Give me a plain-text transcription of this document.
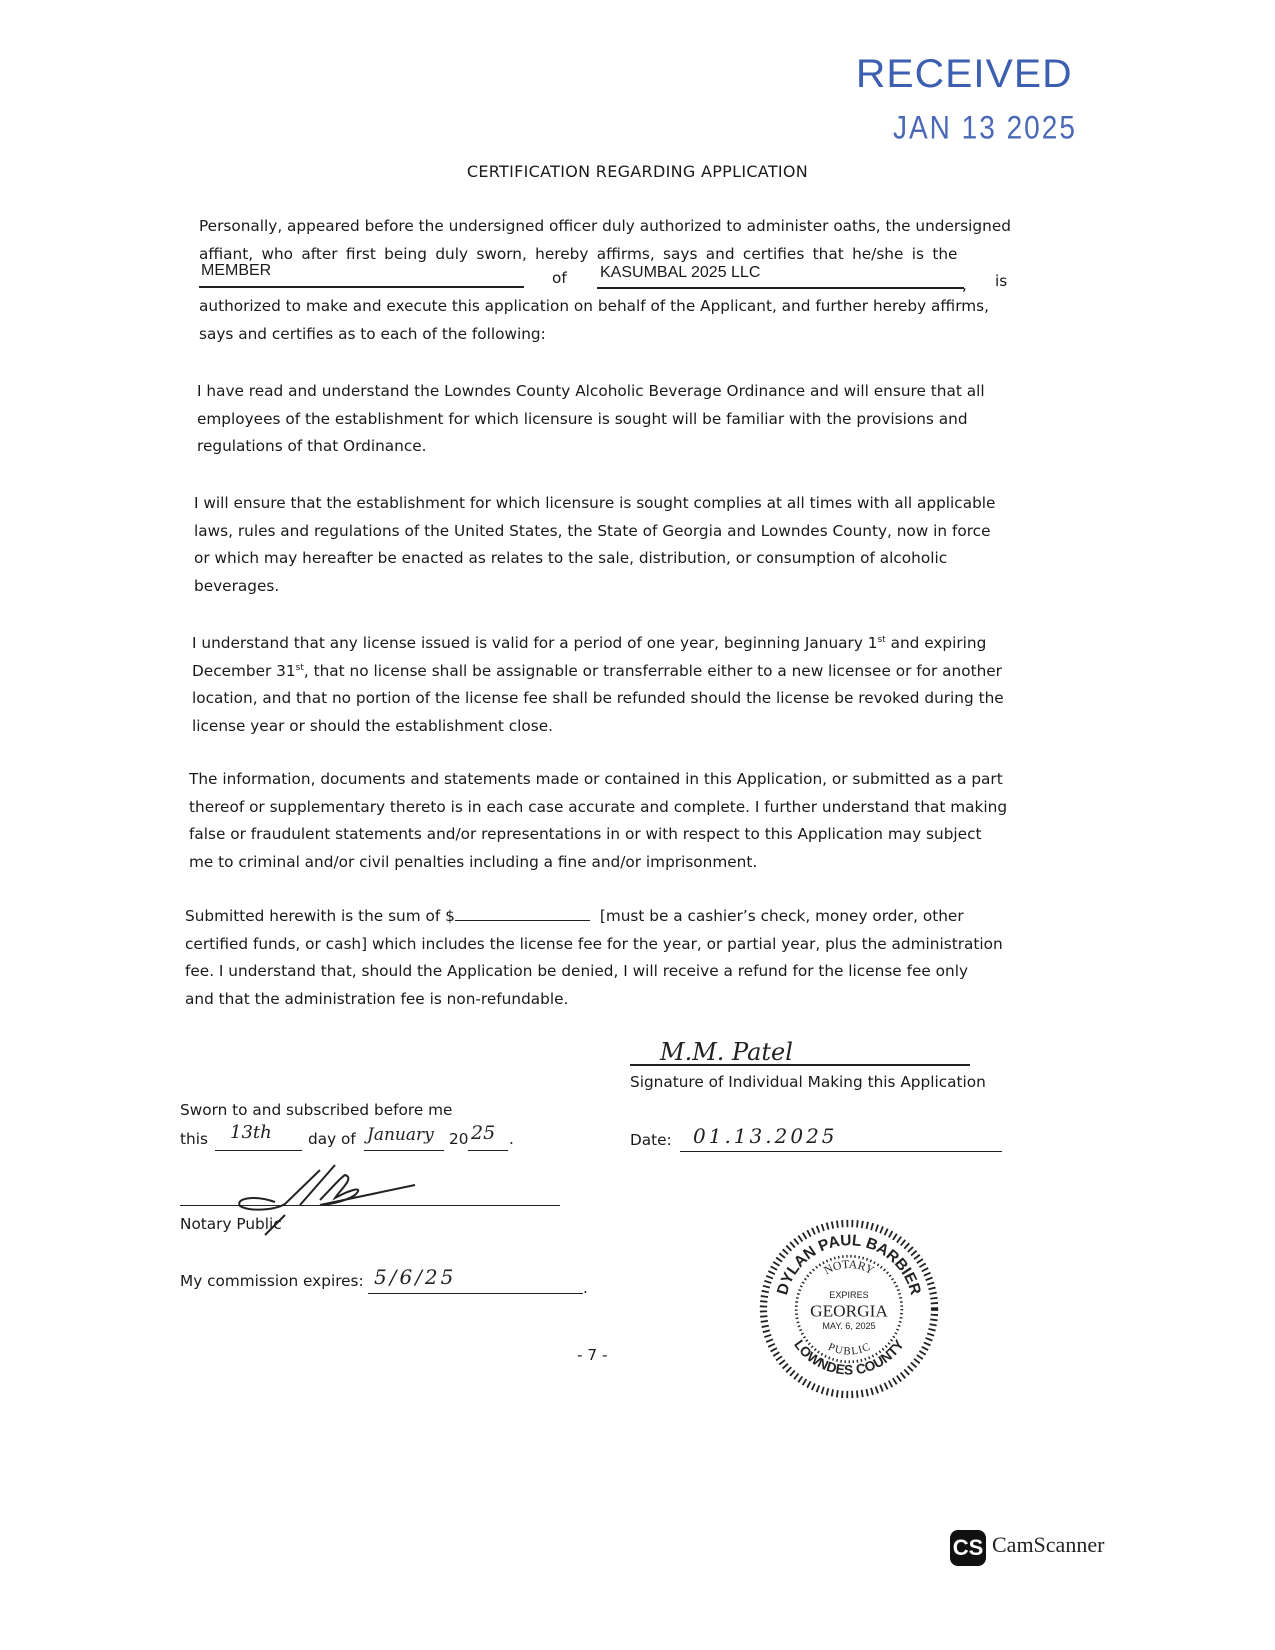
RECEIVED
JAN 13 2025
CERTIFICATION REGARDING APPLICATION
Personally, appeared before the undersigned officer duly authorized to administer oaths, the undersigned
affiant, who after first being duly sworn, hereby affirms, says and certifies that he/she is the
MEMBER	of KASUMBAL 2025 LLC
, is
authorized to make and execute this application on behalf of the Applicant, and further hereby affirms,
says and certifies as to each of the following:
I have read and understand the Lowndes County Alcoholic Beverage Ordinance and will ensure that all
employees of the establishment for which licensure is sought will be familiar with the provisions and
regulations of that Ordinance.
I will ensure that the establishment for which licensure is sought complies at all times with all applicable
laws, rules and regulations of the United States, the State of Georgia and Lowndes County, now in force
or which may hereafter be enacted as relates to the sale, distribution, or consumption of alcoholic
beverages.
I understand that any license issued is valid for a period of one year, beginning January 1st and expiring
December 31st, that no license shall be assignable or transferrable either to a new licensee or for another
location, and that no portion of the license fee shall be refunded should the license be revoked during the
license year or should the establishment close.
The information, documents and statements made or contained in this Application, or submitted as a part
thereof or supplementary thereto is in each case accurate and complete. I further understand that making
false or fraudulent statements and/or representations in or with respect to this Application may subject
me to criminal and/or civil penalties including a fine and/or imprisonment.
Submitted herewith is the sum of $	[must be a cashier’s check, money order, other
certified funds, or cash] which includes the license fee for the year, or partial year, plus the administration
fee. I understand that, should the Application be denied, I will receive a refund for the license fee only
and that the administration fee is non-refundable.
M.M. Patel
Signature of Individual Making this Application
Date: 01.13.2025
Sworn to and subscribed before me
this 13th day of January 20 25 .
Notary Public
My commission expires: 5/6/25	.	DYLAN PAUL BARBIER
LOWNDES COUNTY
NOTARY
PUBLIC
EXPIRES
GEORGIA
MAY. 6, 2025
- 7 -
CS CamScanner
